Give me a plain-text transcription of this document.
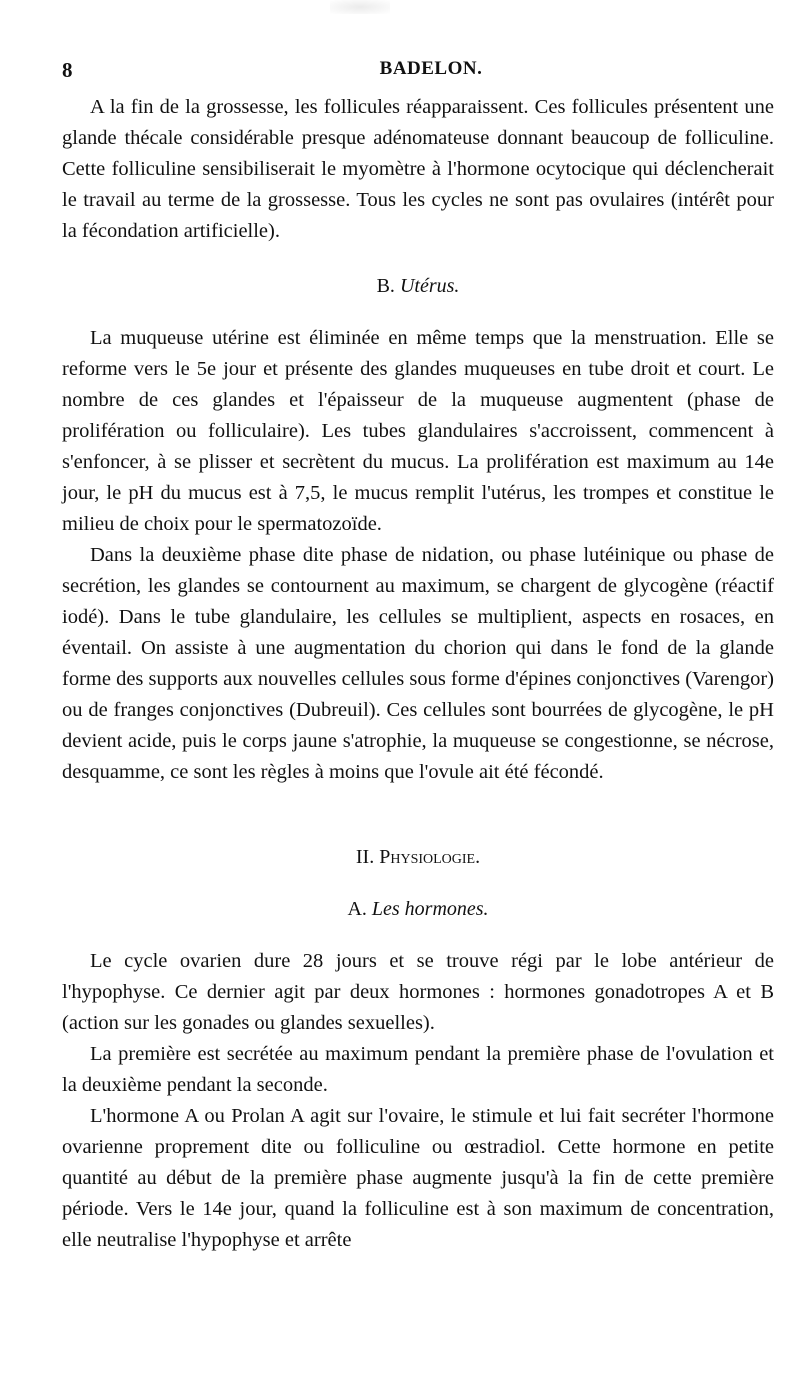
8	BADELON.

A la fin de la grossesse, les follicules réapparaissent. Ces follicules présentent une glande thécale considérable presque adénomateuse donnant beaucoup de folliculine. Cette folliculine sensibiliserait le myomètre à l'hormone ocytocique qui déclencherait le travail au terme de la grossesse. Tous les cycles ne sont pas ovulaires (intérêt pour la fécondation artificielle).

B. Utérus.

La muqueuse utérine est éliminée en même temps que la menstruation. Elle se reforme vers le 5e jour et présente des glandes muqueuses en tube droit et court. Le nombre de ces glandes et l'épaisseur de la muqueuse augmentent (phase de prolifération ou folliculaire). Les tubes glandulaires s'accroissent, commencent à s'enfoncer, à se plisser et secrètent du mucus. La prolifération est maximum au 14e jour, le pH du mucus est à 7,5, le mucus remplit l'utérus, les trompes et constitue le milieu de choix pour le spermatozoïde.

Dans la deuxième phase dite phase de nidation, ou phase lutéinique ou phase de secrétion, les glandes se contournent au maximum, se chargent de glycogène (réactif iodé). Dans le tube glandulaire, les cellules se multiplient, aspects en rosaces, en éventail. On assiste à une augmentation du chorion qui dans le fond de la glande forme des supports aux nouvelles cellules sous forme d'épines conjonctives (Varengor) ou de franges conjonctives (Dubreuil). Ces cellules sont bourrées de glycogène, le pH devient acide, puis le corps jaune s'atrophie, la muqueuse se congestionne, se nécrose, desquamme, ce sont les règles à moins que l'ovule ait été fécondé.

II. Physiologie.
A. Les hormones.

Le cycle ovarien dure 28 jours et se trouve régi par le lobe antérieur de l'hypophyse. Ce dernier agit par deux hormones : hormones gonadotropes A et B (action sur les gonades ou glandes sexuelles).

La première est secrétée au maximum pendant la première phase de l'ovulation et la deuxième pendant la seconde.

L'hormone A ou Prolan A agit sur l'ovaire, le stimule et lui fait secréter l'hormone ovarienne proprement dite ou folliculine ou œstradiol. Cette hormone en petite quantité au début de la première phase augmente jusqu'à la fin de cette première période. Vers le 14e jour, quand la folliculine est à son maximum de concentration, elle neutralise l'hypophyse et arrête
